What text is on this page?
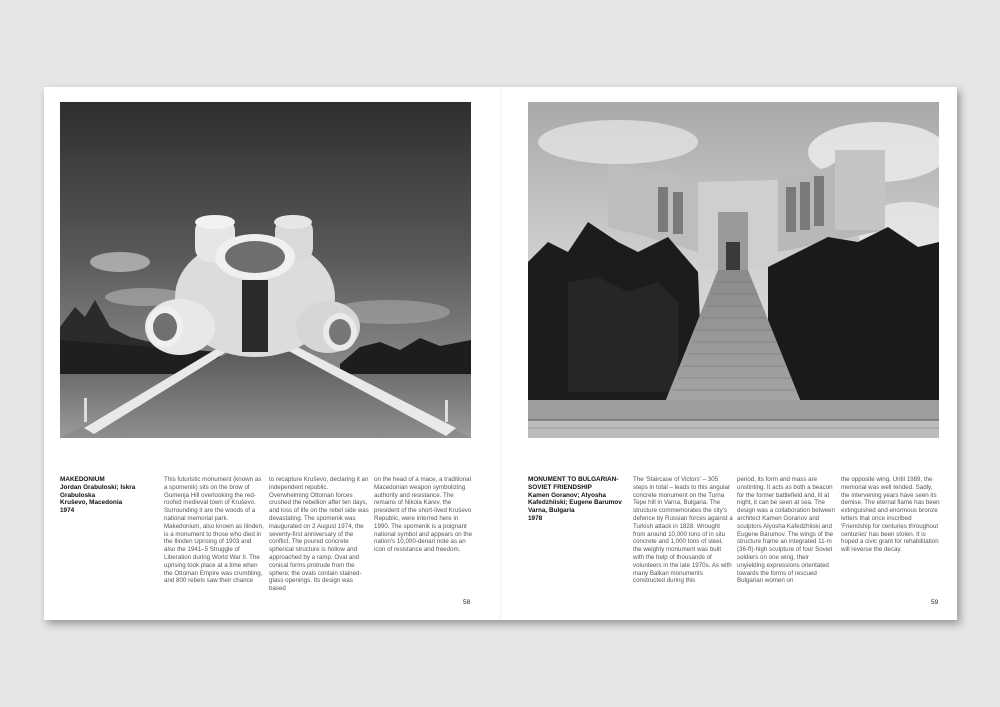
MAKEDONIUM
Jordan Grabuloski; Iskra
Grabuloska
Kruševo, Macedonia
1974
This futuristic monument (known as a spomenik) sits on the brow of Gumenja Hill overlooking the red-roofed medieval town of Kruševo. Surrounding it are the woods of a national memorial park. Makedonium, also known as Ilinden, is a monument to those who died in the Ilinden Uprising of 1903 and also the 1941–5 Struggle of Liberation during World War II. The uprising took place at a time when the Ottoman Empire was crumbling, and 800 rebels saw their chance
to recapture Kruševo, declaring it an independent republic. Overwhelming Ottoman forces crushed the rebellion after ten days, and loss of life on the rebel side was devastating. The spomenik was inaugurated on 2 August 1974, the seventy-first anniversary of the conflict. The poured concrete spherical structure is hollow and approached by a ramp. Oval and conical forms protrude from the sphere; the ovals contain stained-glass openings. Its design was based
on the head of a mace, a traditional Macedonian weapon symbolizing authority and resistance. The remains of Nikola Karev, the president of the short-lived Kruševo Republic, were interred here in 1990. The spomenik is a poignant national symbol and appears on the nation's 10,000-denari note as an icon of resistance and freedom.
58
MONUMENT TO BULGARIAN-
SOVIET FRIENDSHIP
Kamen Goranov; Alyosha
Kafedzhiiski; Eugene Barumov
Varna, Bulgaria
1978
The 'Staircase of Victors' – 305 steps in total – leads to this angular concrete monument on the Turna Tepe hill in Varna, Bulgaria. The structure commemorates the city's defence by Russian forces against a Turkish attack in 1828. Wrought from around 10,000 tons of in situ concrete and 1,000 tons of steel, the weighty monument was built with the help of thousands of volunteers in the late 1970s. As with many Balkan monuments constructed during this
period, its form and mass are unstinting. It acts as both a beacon for the former battlefield and, lit at night, it can be seen at sea. The design was a collaboration between architect Kamen Goranov and sculptors Alyosha Kafedzhiiski and Eugene Barumov. The wings of the structure frame an integrated 11-m (36-ft)-high sculpture of four Soviet soldiers on one wing, their unyielding expressions orientated towards the forms of rescued Bulgarian women on
the opposite wing. Until 1989, the memorial was well tended. Sadly, the intervening years have seen its demise. The eternal flame has been extinguished and enormous bronze letters that once inscribed 'Friendship for centuries throughout centuries' has been stolen. It is hoped a civic grant for rehabilitation will reverse the decay.
59
